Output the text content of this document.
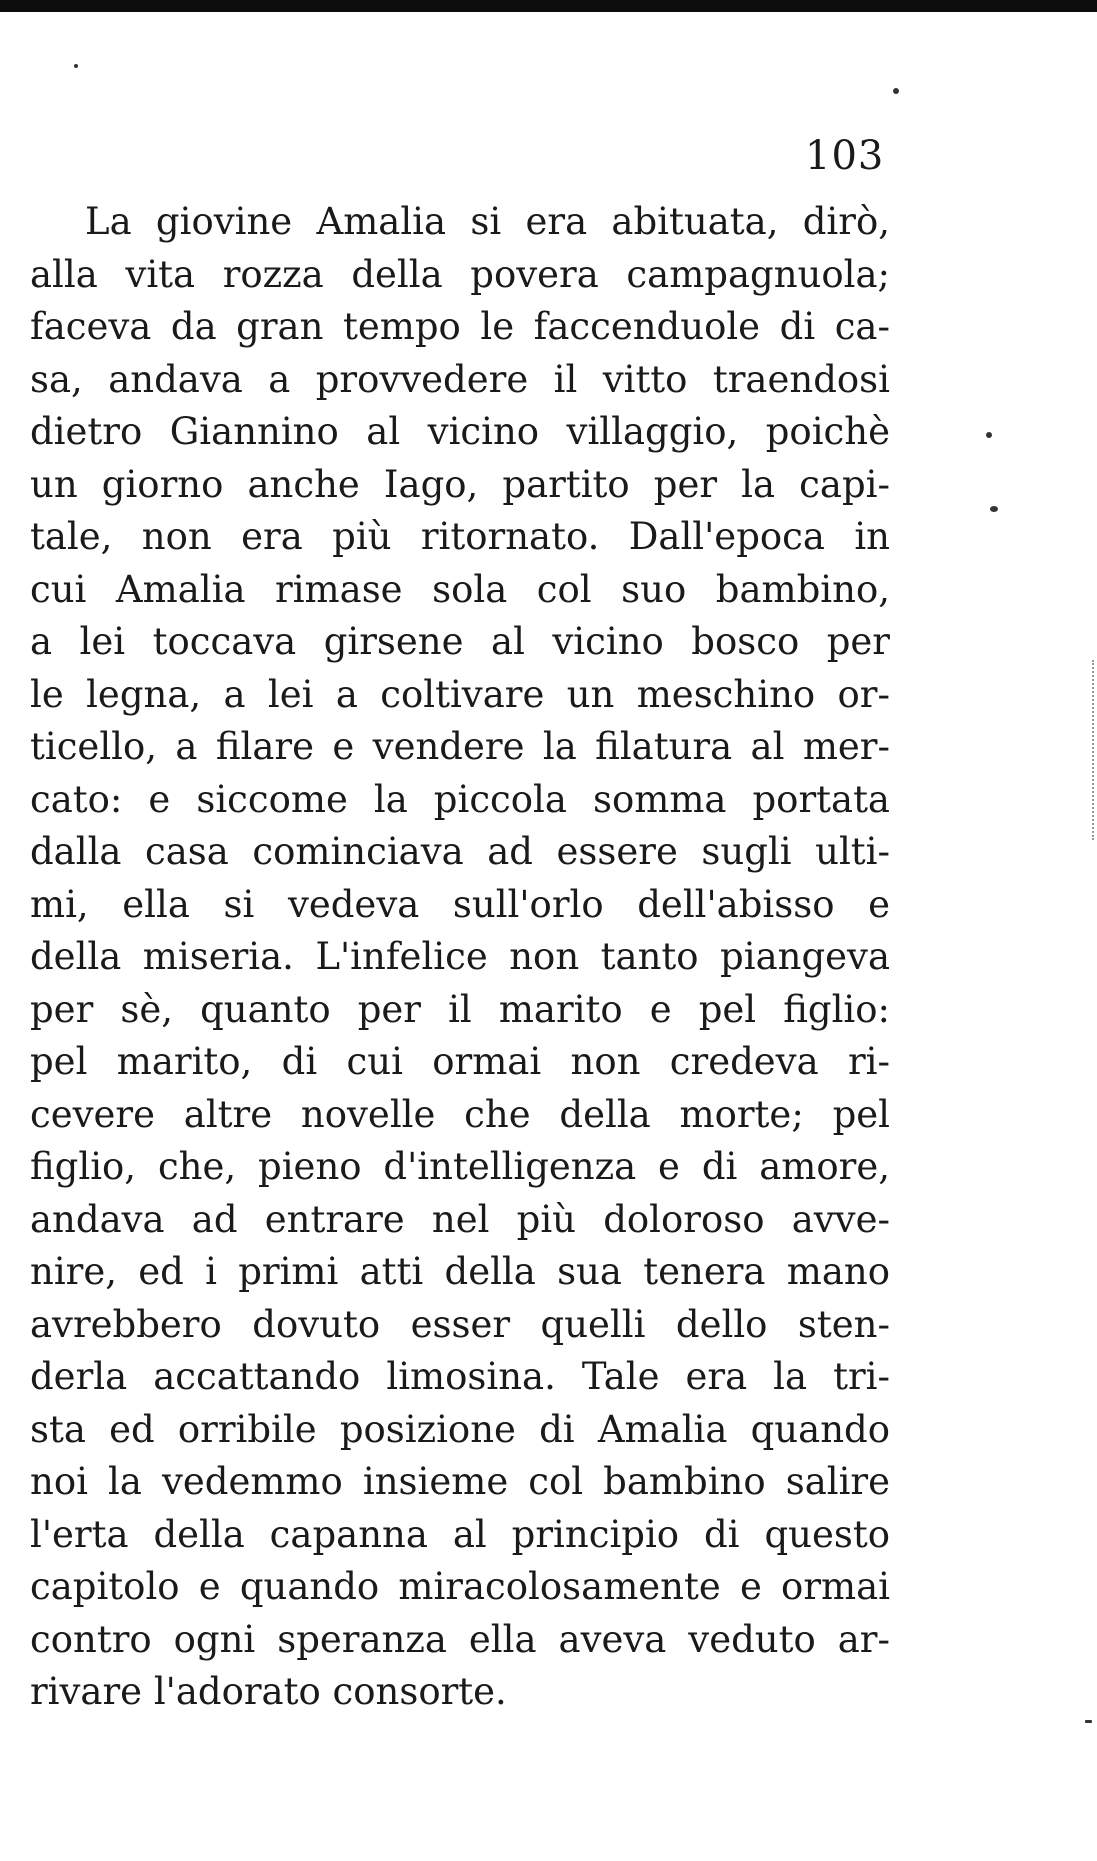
103
La giovine Amalia si era abituata, dirò,
alla vita rozza della povera campagnuola;
faceva da gran tempo le faccenduole di ca-
sa, andava a provvedere il vitto traendosi
dietro Giannino al vicino villaggio, poichè
un giorno anche Iago, partito per la capi-
tale, non era più ritornato. Dall'epoca in
cui Amalia rimase sola col suo bambino,
a lei toccava girsene al vicino bosco per
le legna, a lei a coltivare un meschino or-
ticello, a filare e vendere la filatura al mer-
cato: e siccome la piccola somma portata
dalla casa cominciava ad essere sugli ulti-
mi, ella si vedeva sull'orlo dell'abisso e
della miseria. L'infelice non tanto piangeva
per sè, quanto per il marito e pel figlio:
pel marito, di cui ormai non credeva ri-
cevere altre novelle che della morte; pel
figlio, che, pieno d'intelligenza e di amore,
andava ad entrare nel più doloroso avve-
nire, ed i primi atti della sua tenera mano
avrebbero dovuto esser quelli dello sten-
derla accattando limosina. Tale era la tri-
sta ed orribile posizione di Amalia quando
noi la vedemmo insieme col bambino salire
l'erta della capanna al principio di questo
capitolo e quando miracolosamente e ormai
contro ogni speranza ella aveva veduto ar-
rivare l'adorato consorte.
